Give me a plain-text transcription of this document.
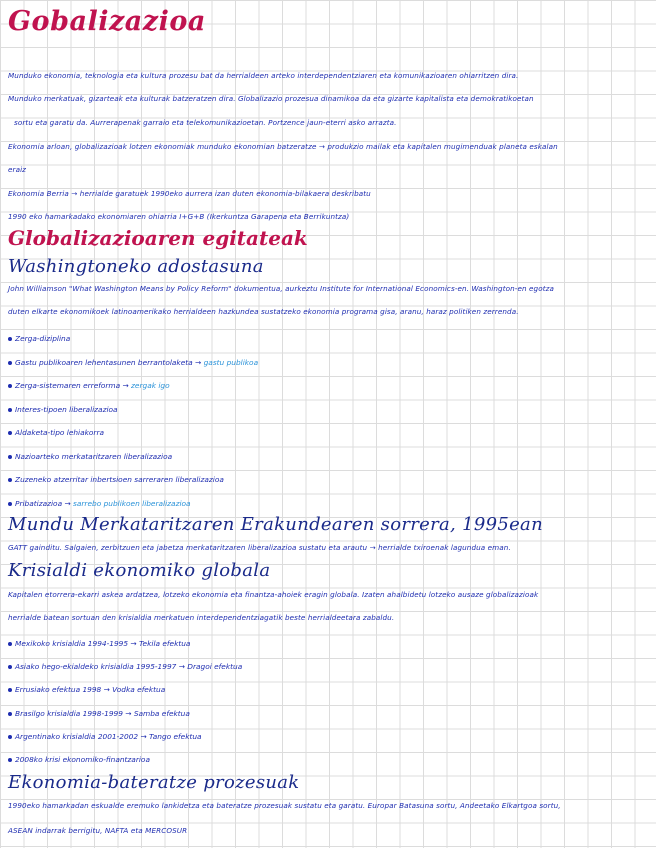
Gobalizazioa
Munduko ekonomia, teknologia eta kultura prozesu bat da herrialdeen arteko interdependentziaren eta komunikazioaren ohiarritzen dira.
Munduko merkatuak, gizarteak eta kulturak batzeratzen dira. Globalizazio prozesua dinamikoa da eta gizarte kapitalista eta demokratikoetan
sortu eta garatu da. Aurrerapenak garraio eta telekomunikazioetan. Portzence jaun-eterri asko arrazta.
Ekonomia arloan, globalizazioak lotzen ekonomiak munduko ekonomian batzeratze → produkzio mailak eta kapitalen mugimenduak planeta eskalan
eraiz
Ekonomia Berria → herrialde garatuek 1990eko aurrera izan duten ekonomia-bilakaera deskribatu
1990 eko hamarkadako ekonomiaren ohiarria I+G+B (Ikerkuntza Garapena eta Berrikuntza)
Globalizazioaren egitateak
Washingtoneko adostasuna
John Williamson "What Washington Means by Policy Reform" dokumentua, aurkeztu Institute for International Economics-en. Washington-en egotza
duten elkarte ekonomikoek latinoamerikako herrialdeen hazkundea sustatzeko ekonomia programa gisa, aranu, haraz politiken zerrenda.
Zerga-diziplina
Gastu publikoaren lehentasunen berrantolaketa → gastu publikoa
Zerga-sistemaren erreforma → zergak igo
Interes-tipoen liberalizazioa
Aldaketa-tipo lehiakorra
Nazioarteko merkataritzaren liberalizazioa
Zuzeneko atzerritar inbertsioen sarreraren liberalizazioa
Pribatizazioa → sarrebo publikoen liberalizazioa
Mundu Merkataritzaren Erakundearen sorrera, 1995ean
GATT gainditu. Salgaien, zerbitzuen eta jabetza merkataritzaren liberalizazioa sustatu eta arautu → herrialde txiroenak lagundua eman.
Krisialdi ekonomiko globala
Kapitalen etorrera-ekarri askea ardatzea, lotzeko ekonomia eta finantza-ahoiek eragin globala. Izaten ahalbidetu lotzeko ausaze globalizazioak
herrialde batean sortuan den krisialdia merkatuen interdependentziagatik beste herrialdeetara zabaldu.
Mexikoko krisialdia 1994-1995 → Tekila efektua
Asiako hego-ekialdeko krisialdia 1995-1997 → Dragoi efektua
Errusiako efektua 1998 → Vodka efektua
Brasilgo krisialdia 1998-1999 → Samba efektua
Argentinako krisialdia 2001-2002 → Tango efektua
2008ko krisi ekonomiko-finantzarioa
Ekonomia-bateratze prozesuak
1990eko hamarkadan eskualde eremuko lankidetza eta bateratze prozesuak sustatu eta garatu. Europar Batasuna sortu, Andeetako Elkartgoa sortu,
ASEAN indarrak berrigitu, NAFTA eta MERCOSUR
